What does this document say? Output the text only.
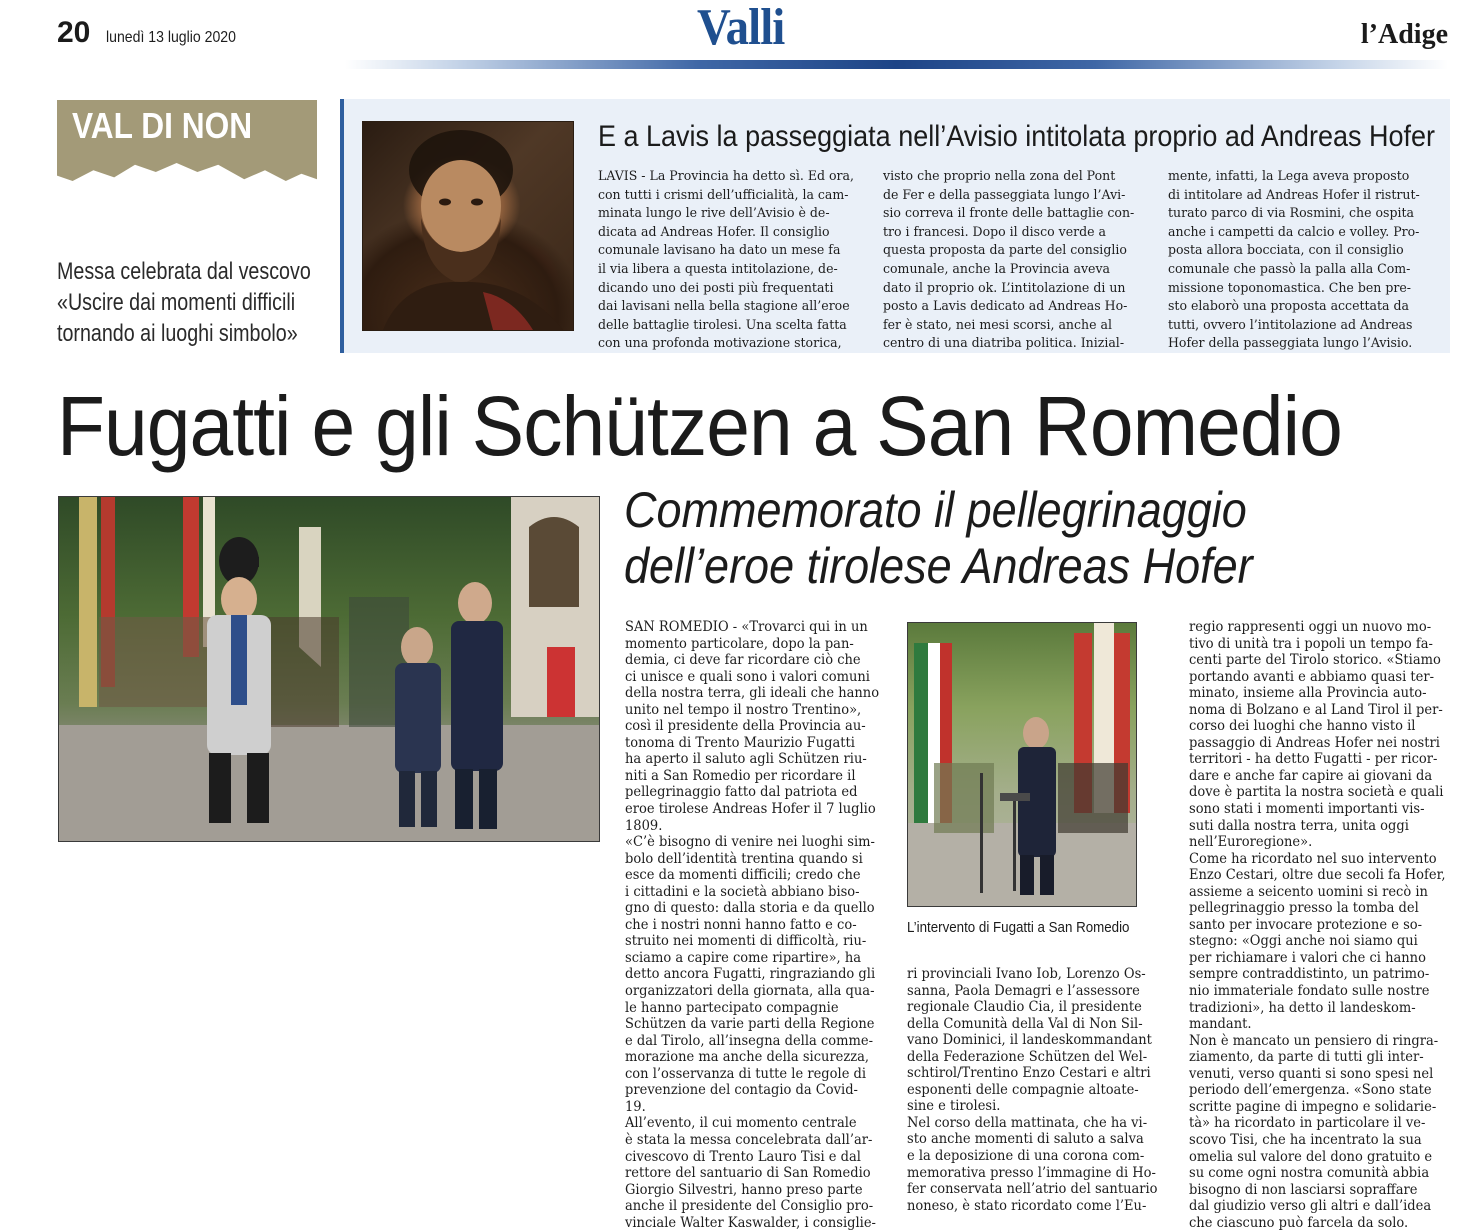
20 lunedì 13 luglio 2020	Valli	l’Adige
VAL DI NON
Messa celebrata dal vescovo
«Uscire dai momenti difficili
tornando ai luoghi simbolo»
E a Lavis la passeggiata nell’Avisio intitolata proprio ad Andreas Hofer
LAVIS - La Provincia ha detto sì. Ed ora,
con tutti i crismi dell’ufficialità, la cam-
minata lungo le rive dell’Avisio è de-
dicata ad Andreas Hofer. Il consiglio
comunale lavisano ha dato un mese fa
il via libera a questa intitolazione, de-
dicando uno dei posti più frequentati
dai lavisani nella bella stagione all’eroe
delle battaglie tirolesi. Una scelta fatta
con una profonda motivazione storica,
visto che proprio nella zona del Pont
de Fer e della passeggiata lungo l’Avi-
sio correva il fronte delle battaglie con-
tro i francesi. Dopo il disco verde a
questa proposta da parte del consiglio
comunale, anche la Provincia aveva
dato il proprio ok. L’intitolazione di un
posto a Lavis dedicato ad Andreas Ho-
fer è stato, nei mesi scorsi, anche al
centro di una diatriba politica. Inizial-
mente, infatti, la Lega aveva proposto
di intitolare ad Andreas Hofer il ristrut-
turato parco di via Rosmini, che ospita
anche i campetti da calcio e volley. Pro-
posta allora bocciata, con il consiglio
comunale che passò la palla alla Com-
missione toponomastica. Che ben pre-
sto elaborò una proposta accettata da
tutti, ovvero l’intitolazione ad Andreas
Hofer della passeggiata lungo l’Avisio.
Fugatti e gli Schützen a San Romedio
Commemorato il pellegrinaggio
dell’eroe tirolese Andreas Hofer
L’intervento di Fugatti a San Romedio
SAN ROMEDIO - «Trovarci qui in un
momento particolare, dopo la pan-
demia, ci deve far ricordare ciò che
ci unisce e quali sono i valori comuni
della nostra terra, gli ideali che hanno
unito nel tempo il nostro Trentino»,
così il presidente della Provincia au-
tonoma di Trento Maurizio Fugatti
ha aperto il saluto agli Schützen riu-
niti a San Romedio per ricordare il
pellegrinaggio fatto dal patriota ed
eroe tirolese Andreas Hofer il 7 luglio
1809.
«C’è bisogno di venire nei luoghi sim-
bolo dell’identità trentina quando si
esce da momenti difficili; credo che
i cittadini e la società abbiano biso-
gno di questo: dalla storia e da quello
che i nostri nonni hanno fatto e co-
struito nei momenti di difficoltà, riu-
sciamo a capire come ripartire», ha
detto ancora Fugatti, ringraziando gli
organizzatori della giornata, alla qua-
le hanno partecipato compagnie
Schützen da varie parti della Regione
e dal Tirolo, all’insegna della comme-
morazione ma anche della sicurezza,
con l’osservanza di tutte le regole di
prevenzione del contagio da Covid-
19.
All’evento, il cui momento centrale
è stata la messa concelebrata dall’ar-
civescovo di Trento Lauro Tisi e dal
rettore del santuario di San Romedio
Giorgio Silvestri, hanno preso parte
anche il presidente del Consiglio pro-
vinciale Walter Kaswalder, i consiglie-
ri provinciali Ivano Iob, Lorenzo Os-
sanna, Paola Demagri e l’assessore
regionale Claudio Cia, il presidente
della Comunità della Val di Non Sil-
vano Dominici, il landeskommandant
della Federazione Schützen del Wel-
schtirol/Trentino Enzo Cestari e altri
esponenti delle compagnie altoate-
sine e tirolesi.
Nel corso della mattinata, che ha vi-
sto anche momenti di saluto a salva
e la deposizione di una corona com-
memorativa presso l’immagine di Ho-
fer conservata nell’atrio del santuario
noneso, è stato ricordato come l’Eu-
regio rappresenti oggi un nuovo mo-
tivo di unità tra i popoli un tempo fa-
centi parte del Tirolo storico. «Stiamo
portando avanti e abbiamo quasi ter-
minato, insieme alla Provincia auto-
noma di Bolzano e al Land Tirol il per-
corso dei luoghi che hanno visto il
passaggio di Andreas Hofer nei nostri
territori - ha detto Fugatti - per ricor-
dare e anche far capire ai giovani da
dove è partita la nostra società e quali
sono stati i momenti importanti vis-
suti dalla nostra terra, unita oggi
nell’Euroregione».
Come ha ricordato nel suo intervento
Enzo Cestari, oltre due secoli fa Hofer,
assieme a seicento uomini si recò in
pellegrinaggio presso la tomba del
santo per invocare protezione e so-
stegno: «Oggi anche noi siamo qui
per richiamare i valori che ci hanno
sempre contraddistinto, un patrimo-
nio immateriale fondato sulle nostre
tradizioni», ha detto il landeskom-
mandant.
Non è mancato un pensiero di ringra-
ziamento, da parte di tutti gli inter-
venuti, verso quanti si sono spesi nel
periodo dell’emergenza. «Sono state
scritte pagine di impegno e solidarie-
tà» ha ricordato in particolare il ve-
scovo Tisi, che ha incentrato la sua
omelia sul valore del dono gratuito e
su come ogni nostra comunità abbia
bisogno di non lasciarsi sopraffare
dal giudizio verso gli altri e dall’idea
che ciascuno può farcela da solo.
